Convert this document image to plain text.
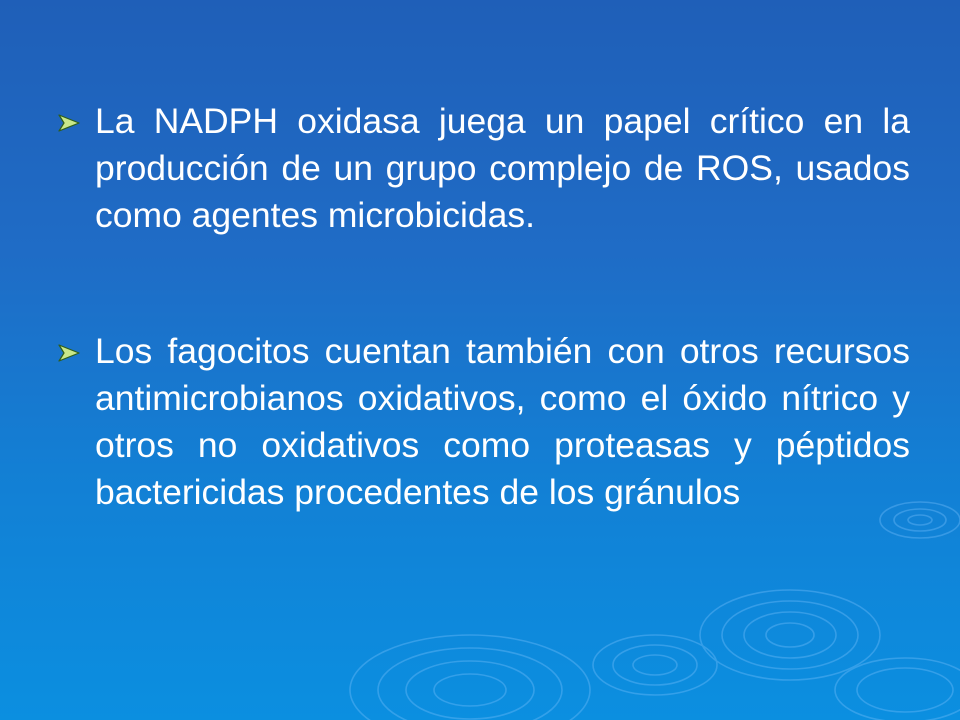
La NADPH oxidasa juega un papel crítico en la producción de un grupo complejo de ROS, usados como agentes microbicidas.
Los fagocitos cuentan también con otros recursos antimicrobianos oxidativos, como el óxido nítrico y otros no oxidativos como proteasas y péptidos bactericidas procedentes de los gránulos
